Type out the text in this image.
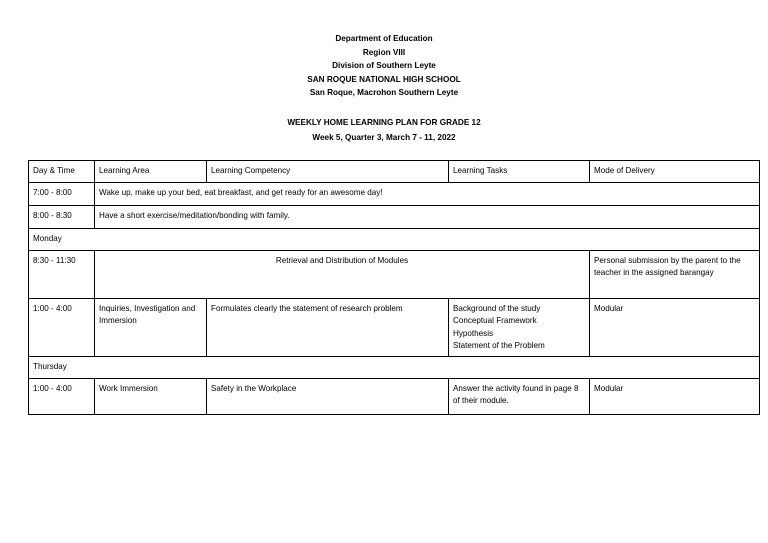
Department of Education
Region VIII
Division of Southern Leyte
SAN ROQUE NATIONAL HIGH SCHOOL
San Roque, Macrohon Southern Leyte
WEEKLY HOME LEARNING PLAN FOR GRADE 12
Week 5, Quarter 3, March 7 - 11, 2022
Day & Time	Learning Area	Learning Competency	Learning Tasks	Mode of Delivery
7:00 - 8:00	Wake up, make up your bed, eat breakfast, and get ready for an awesome day!			
8:00 - 8:30	Have a short exercise/meditation/bonding with family.			
Monday				
8:30 - 11:30	Retrieval and Distribution of Modules			Personal submission by the parent to the teacher in the assigned barangay
1:00 - 4:00	Inquiries, Investigation and Immersion	Formulates clearly the statement of research problem	Background of the study
Conceptual Framework
Hypothesis
Statement of the Problem	Modular
Thursday				
1:00 - 4:00	Work Immersion	Safety in the Workplace	Answer the activity found in page 8 of their module.	Modular
